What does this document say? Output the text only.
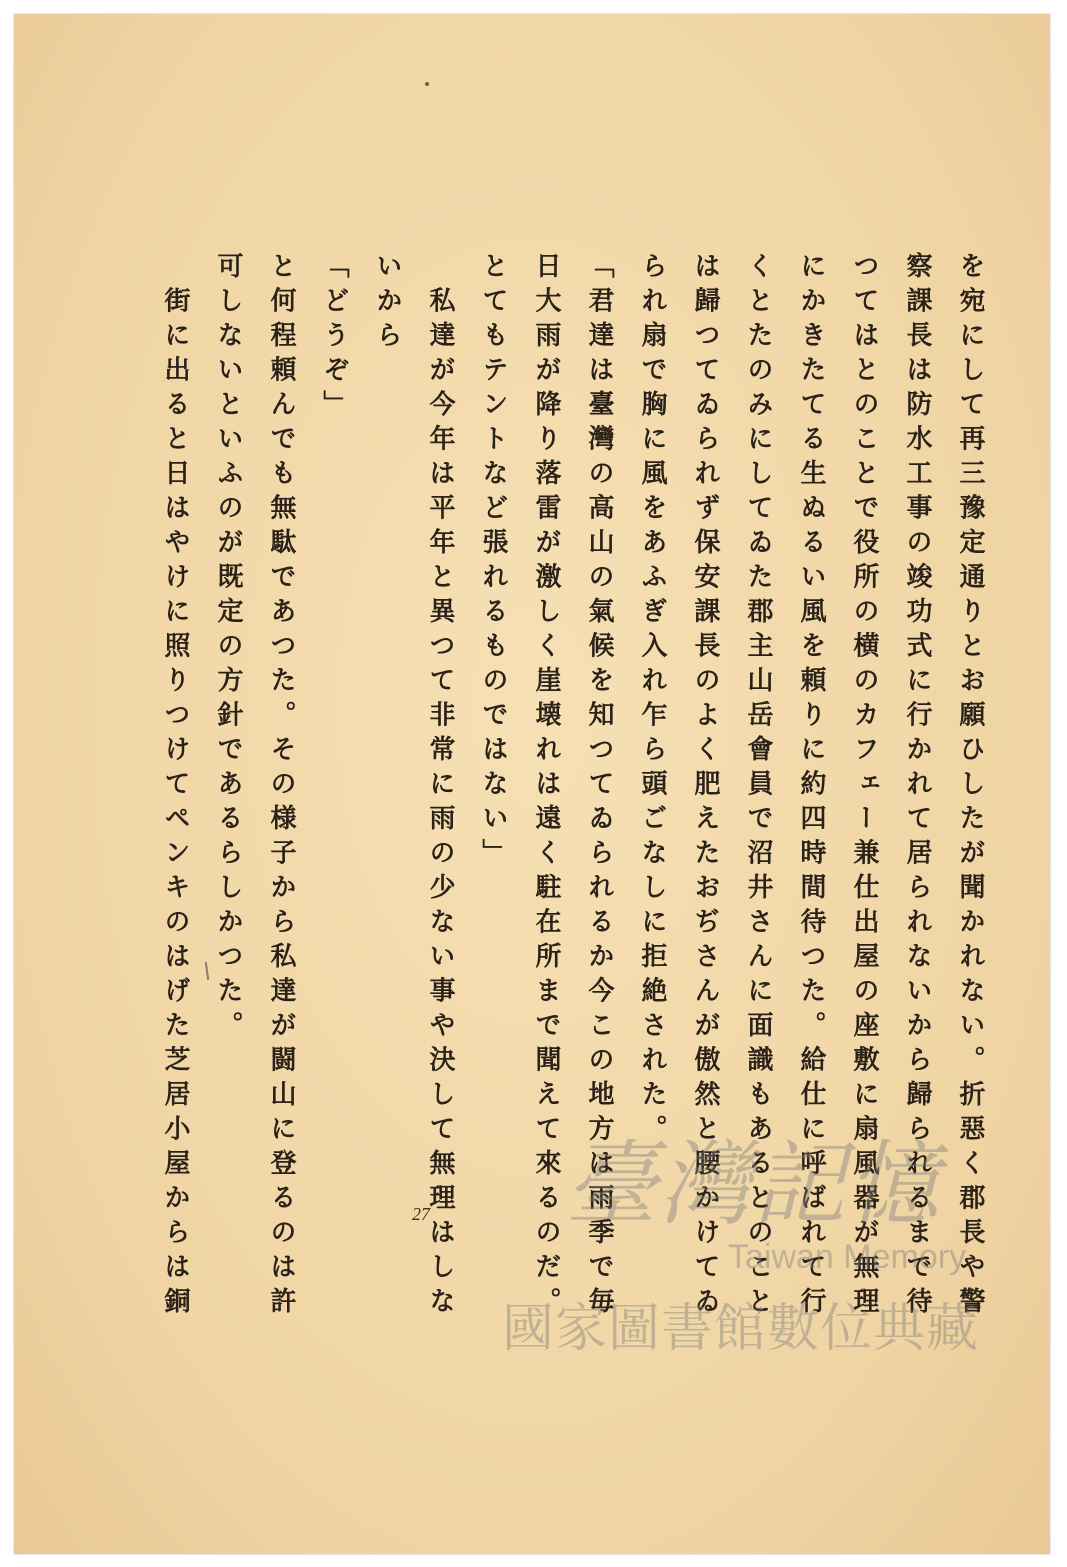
を宛にして再三豫定通りとお願ひしたが聞かれない。折惡く郡長や警

察課長は防水工事の竣功式に行かれて居られないから歸られるまで待

つてはとのことで役所の横のカフェー兼仕出屋の座敷に扇風器が無理

にかきたてる生ぬるい風を頼りに約四時間待つた。給仕に呼ばれて行

くとたのみにしてゐた郡主山岳會員で沼井さんに面識もあるとのこと

は歸つてゐられず保安課長のよく肥えたおぢさんが傲然と腰かけてゐ

られ扇で胸に風をあふぎ入れ乍ら頭ごなしに拒絶された。

「君達は臺灣の高山の氣候を知つてゐられるか今この地方は雨季で毎

日大雨が降り落雷が激しく崖壊れは遠く駐在所まで聞えて來るのだ。

とてもテントなど張れるものではない」

　私達が今年は平年と異つて非常に雨の少ない事や決して無理はしな

いから

「どうぞ」

と何程頼んでも無駄であつた。その様子から私達が闘山に登るのは許

可しないといふのが既定の方針であるらしかつた。

　街に出ると日はやけに照りつけてペンキのはげた芝居小屋からは銅	27	臺灣記憶
Taiwan Memory
國家圖書館數位典藏
